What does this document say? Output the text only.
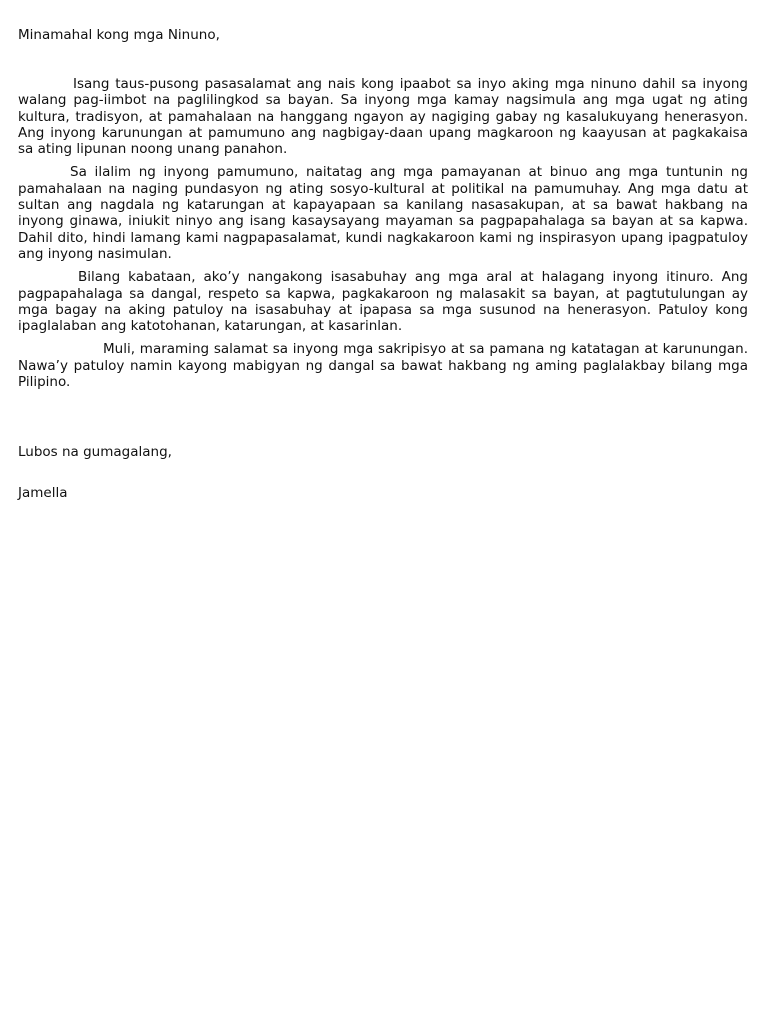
Minamahal kong mga Ninuno,

Isang taus-pusong pasasalamat ang nais kong ipaabot sa inyo aking mga ninuno dahil sa inyong walang pag-iimbot na paglilingkod sa bayan. Sa inyong mga kamay nagsimula ang mga ugat ng ating kultura, tradisyon, at pamahalaan na hanggang ngayon ay nagiging gabay ng kasalukuyang henerasyon. Ang inyong karunungan at pamumuno ang nagbigay-daan upang magkaroon ng kaayusan at pagkakaisa sa ating lipunan noong unang panahon.

Sa ilalim ng inyong pamumuno, naitatag ang mga pamayanan at binuo ang mga tuntunin ng pamahalaan na naging pundasyon ng ating sosyo-kultural at politikal na pamumuhay. Ang mga datu at sultan ang nagdala ng katarungan at kapayapaan sa kanilang nasasakupan, at sa bawat hakbang na inyong ginawa, iniukit ninyo ang isang kasaysayang mayaman sa pagpapahalaga sa bayan at sa kapwa. Dahil dito, hindi lamang kami nagpapasalamat, kundi nagkakaroon kami ng inspirasyon upang ipagpatuloy ang inyong nasimulan.

Bilang kabataan, ako’y nangakong isasabuhay ang mga aral at halagang inyong itinuro. Ang pagpapahalaga sa dangal, respeto sa kapwa, pagkakaroon ng malasakit sa bayan, at pagtutulungan ay mga bagay na aking patuloy na isasabuhay at ipapasa sa mga susunod na henerasyon. Patuloy kong ipaglalaban ang katotohanan, katarungan, at kasarinlan.

Muli, maraming salamat sa inyong mga sakripisyo at sa pamana ng katatagan at karunungan. Nawa’y patuloy namin kayong mabigyan ng dangal sa bawat hakbang ng aming paglalakbay bilang mga Pilipino.

Lubos na gumagalang,
Jamella
